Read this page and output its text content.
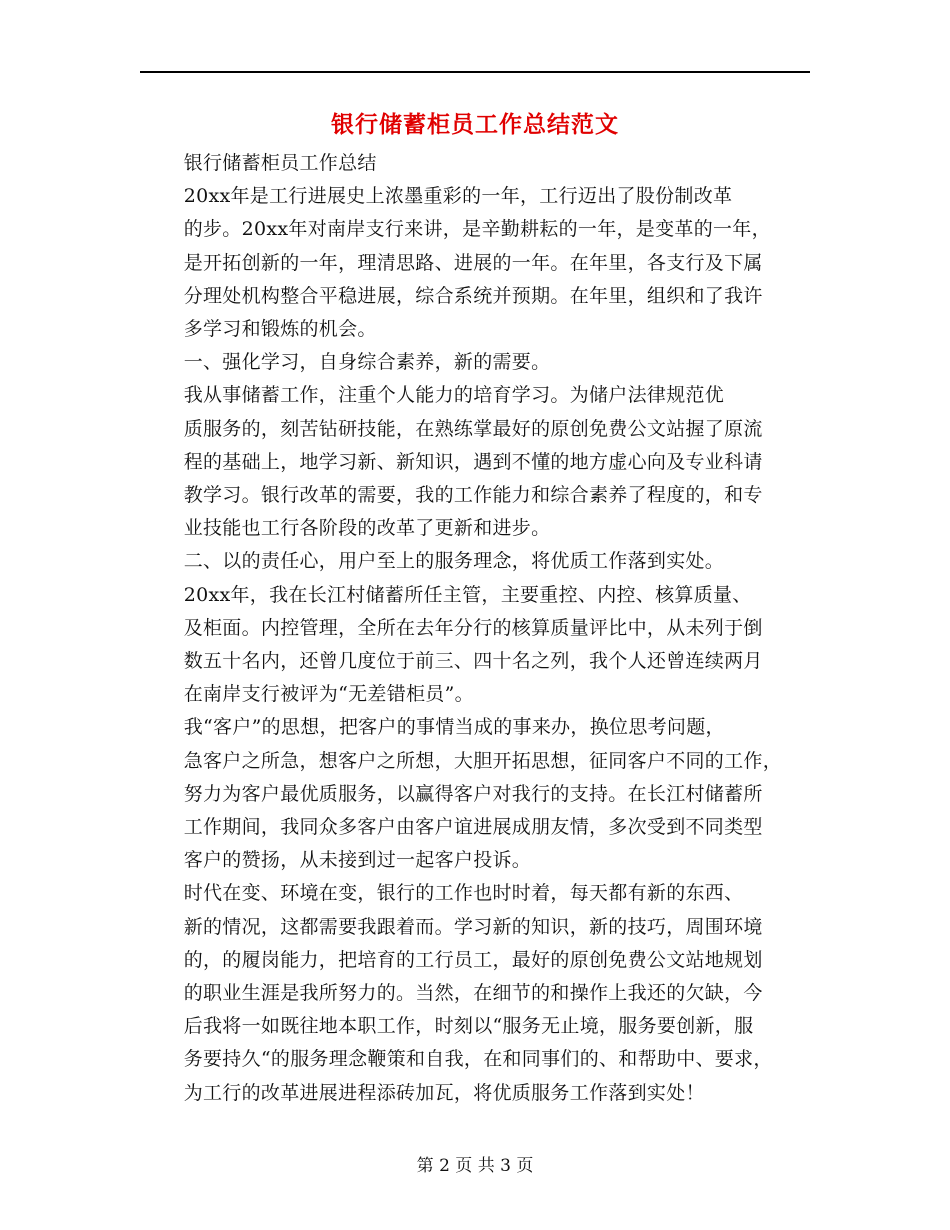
银行储蓄柜员工作总结范文

银行储蓄柜员工作总结

20xx年是工行进展史上浓墨重彩的一年，工行迈出了股份制改革
的步。20xx年对南岸支行来讲，是辛勤耕耘的一年，是变革的一年，
是开拓创新的一年，理清思路、进展的一年。在年里，各支行及下属
分理处机构整合平稳进展，综合系统并预期。在年里，组织和了我许
多学习和锻炼的机会。

一、强化学习，自身综合素养，新的需要。

我从事储蓄工作，注重个人能力的培育学习。为储户法律规范优
质服务的，刻苦钻研技能，在熟练掌最好的原创免费公文站握了原流
程的基础上，地学习新、新知识，遇到不懂的地方虚心向及专业科请
教学习。银行改革的需要，我的工作能力和综合素养了程度的，和专
业技能也工行各阶段的改革了更新和进步。

二、以的责任心，用户至上的服务理念，将优质工作落到实处。

20xx年，我在长江村储蓄所任主管，主要重控、内控、核算质量、
及柜面。内控管理，全所在去年分行的核算质量评比中，从未列于倒
数五十名内，还曾几度位于前三、四十名之列，我个人还曾连续两月
在南岸支行被评为“无差错柜员”。

我“客户”的思想，把客户的事情当成的事来办，换位思考问题，
急客户之所急，想客户之所想，大胆开拓思想，征同客户不同的工作，
努力为客户最优质服务，以赢得客户对我行的支持。在长江村储蓄所
工作期间，我同众多客户由客户谊进展成朋友情，多次受到不同类型
客户的赞扬，从未接到过一起客户投诉。

时代在变、环境在变，银行的工作也时时着，每天都有新的东西、
新的情况，这都需要我跟着而。学习新的知识，新的技巧，周围环境
的，的履岗能力，把培育的工行员工，最好的原创免费公文站地规划
的职业生涯是我所努力的。当然，在细节的和操作上我还的欠缺，今
后我将一如既往地本职工作，时刻以“服务无止境，服务要创新，服
务要持久“的服务理念鞭策和自我，在和同事们的、和帮助中、要求，
为工行的改革进展进程添砖加瓦，将优质服务工作落到实处！

第 2 页 共 3 页
